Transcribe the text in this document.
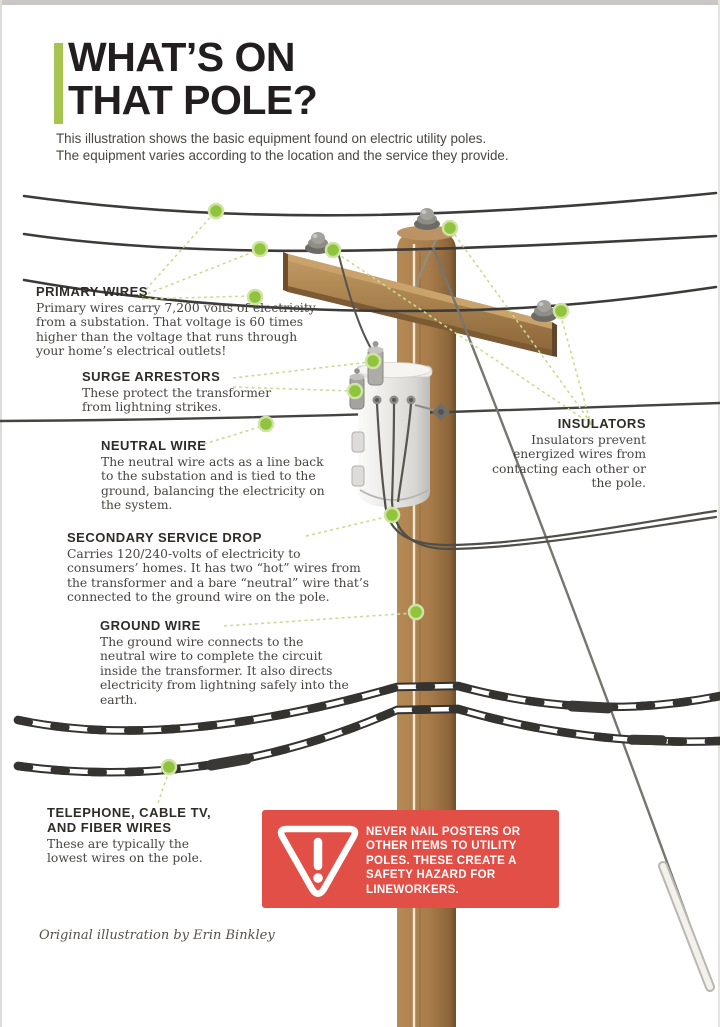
WHAT’S ON
THAT POLE?
This illustration shows the basic equipment found on electric utility poles.
The equipment varies according to the location and the service they provide.
PRIMARY WIRES

Primary wires carry 7,200 volts of electricity from a substation. That voltage is 60 times higher than the voltage that runs through your home’s electrical outlets!

SURGE ARRESTORS

These protect the transformer from lightning strikes.

NEUTRAL WIRE

The neutral wire acts as a line back to the substation and is tied to the ground, balancing the electricity on the system.

INSULATORS

Insulators prevent energized wires from contacting each other or the pole.

SECONDARY SERVICE DROP

Carries 120/240-volts of electricity to consumers’ homes. It has two “hot” wires from the transformer and a bare “neutral” wire that’s connected to the ground wire on the pole.

GROUND WIRE

The ground wire connects to the neutral wire to complete the circuit inside the transformer. It also directs electricity from lightning safely into the earth.

TELEPHONE, CABLE TV, AND FIBER WIRES

These are typically the lowest wires on the pole.

NEVER NAIL POSTERS OR OTHER ITEMS TO UTILITY POLES. THESE CREATE A SAFETY HAZARD FOR LINEWORKERS.
Original illustration by Erin Binkley
